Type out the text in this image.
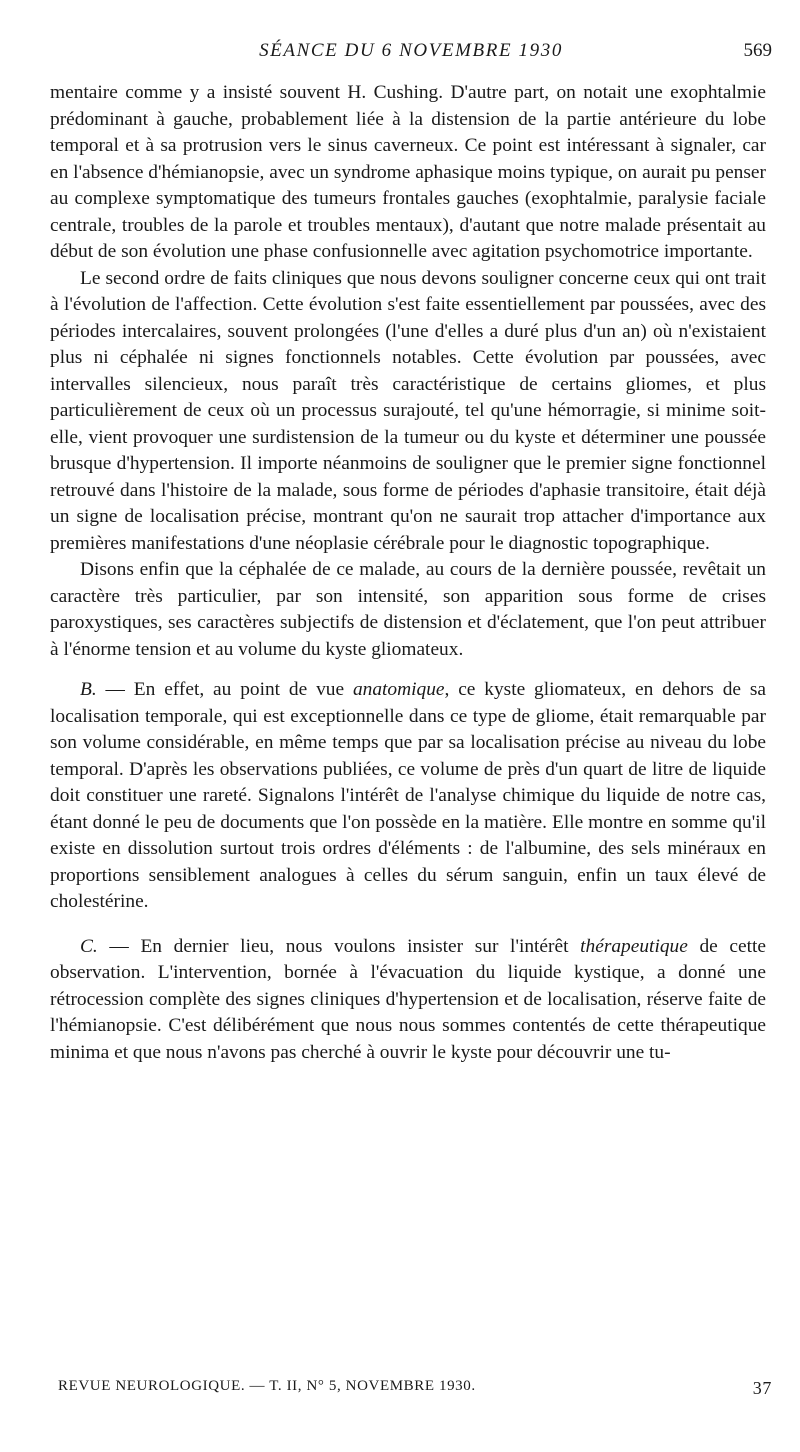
SÉANCE DU 6 NOVEMBRE 1930	569

mentaire comme y a insisté souvent H. Cushing. D'autre part, on notait une exophtalmie prédominant à gauche, probablement liée à la distension de la partie antérieure du lobe temporal et à sa protrusion vers le sinus caverneux. Ce point est intéressant à signaler, car en l'absence d'hémianopsie, avec un syndrome aphasique moins typique, on aurait pu penser au complexe symptomatique des tumeurs frontales gauches (exophtalmie, paralysie faciale centrale, troubles de la parole et troubles mentaux), d'autant que notre malade présentait au début de son évolution une phase confusionnelle avec agitation psychomotrice importante.

Le second ordre de faits cliniques que nous devons souligner concerne ceux qui ont trait à l'évolution de l'affection. Cette évolution s'est faite essentiellement par poussées, avec des périodes intercalaires, souvent prolongées (l'une d'elles a duré plus d'un an) où n'existaient plus ni céphalée ni signes fonctionnels notables. Cette évolution par poussées, avec intervalles silencieux, nous paraît très caractéristique de certains gliomes, et plus particulièrement de ceux où un processus surajouté, tel qu'une hémorragie, si minime soit-elle, vient provoquer une surdistension de la tumeur ou du kyste et déterminer une poussée brusque d'hypertension. Il importe néanmoins de souligner que le premier signe fonctionnel retrouvé dans l'histoire de la malade, sous forme de périodes d'aphasie transitoire, était déjà un signe de localisation précise, montrant qu'on ne saurait trop attacher d'importance aux premières manifestations d'une néoplasie cérébrale pour le diagnostic topographique.

Disons enfin que la céphalée de ce malade, au cours de la dernière poussée, revêtait un caractère très particulier, par son intensité, son apparition sous forme de crises paroxystiques, ses caractères subjectifs de distension et d'éclatement, que l'on peut attribuer à l'énorme tension et au volume du kyste gliomateux.

B. — En effet, au point de vue anatomique, ce kyste gliomateux, en dehors de sa localisation temporale, qui est exceptionnelle dans ce type de gliome, était remarquable par son volume considérable, en même temps que par sa localisation précise au niveau du lobe temporal. D'après les observations publiées, ce volume de près d'un quart de litre de liquide doit constituer une rareté. Signalons l'intérêt de l'analyse chimique du liquide de notre cas, étant donné le peu de documents que l'on possède en la matière. Elle montre en somme qu'il existe en dissolution surtout trois ordres d'éléments : de l'albumine, des sels minéraux en proportions sensiblement analogues à celles du sérum sanguin, enfin un taux élevé de cholestérine.

C. — En dernier lieu, nous voulons insister sur l'intérêt thérapeutique de cette observation. L'intervention, bornée à l'évacuation du liquide kystique, a donné une rétrocession complète des signes cliniques d'hypertension et de localisation, réserve faite de l'hémianopsie. C'est délibérément que nous nous sommes contentés de cette thérapeutique minima et que nous n'avons pas cherché à ouvrir le kyste pour découvrir une tu-

REVUE NEUROLOGIQUE. — T. II, N° 5, NOVEMBRE 1930.	37
